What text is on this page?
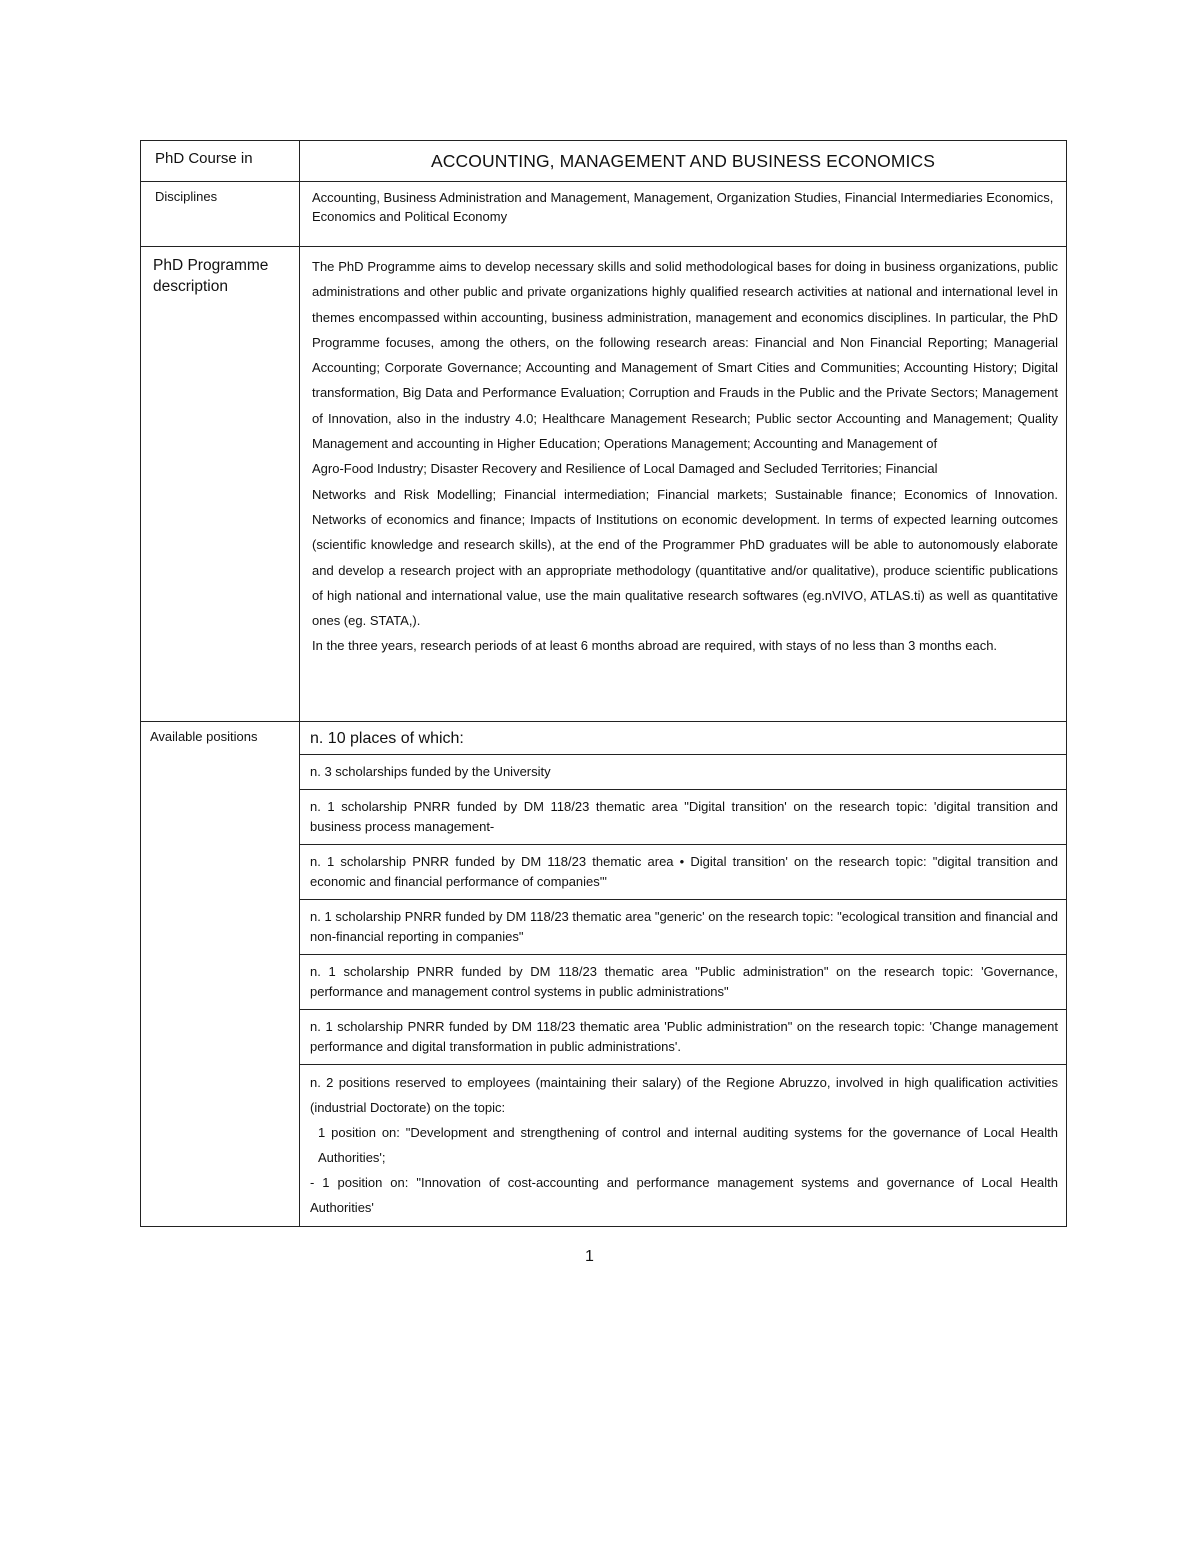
PhD Course in	ACCOUNTING, MANAGEMENT AND BUSINESS ECONOMICS

Disciplines	Accounting, Business Administration and Management, Management, Organization Studies, Financial Intermediaries Economics, Economics and Political Economy

PhD Programme description	The PhD Programme aims to develop necessary skills and solid methodological bases for doing in business organizations, public administrations and other public and private organizations highly qualified research activities at national and international level in themes encompassed within accounting, business administration, management and economics disciplines. In particular, the PhD Programme focuses, among the others, on the following research areas: Financial and Non Financial Reporting; Managerial Accounting; Corporate Governance; Accounting and Management of Smart Cities and Communities; Accounting History; Digital transformation, Big Data and Performance Evaluation; Corruption and Frauds in the Public and the Private Sectors; Management of Innovation, also in the industry 4.0; Healthcare Management Research; Public sector Accounting and Management; Quality Management and accounting in Higher Education; Operations Management; Accounting and Management of

Agro-Food Industry; Disaster Recovery and Resilience of Local Damaged and Secluded Territories; Financial

Networks and Risk Modelling; Financial intermediation; Financial markets; Sustainable finance; Economics of Innovation. Networks of economics and finance; Impacts of Institutions on economic development. In terms of expected learning outcomes (scientific knowledge and research skills), at the end of the Programmer PhD graduates will be able to autonomously elaborate and develop a research project with an appropriate methodology (quantitative and/or qualitative), produce scientific publications of high national and international value, use the main qualitative research softwares (eg.nVIVO, ATLAS.ti) as well as quantitative ones (eg. STATA,).

In the three years, research periods of at least 6 months abroad are required, with stays of no less than 3 months each.

Available positions	n. 10 places of which:

	n. 3 scholarships funded by the University

	n. 1 scholarship PNRR funded by DM 118/23 thematic area "Digital transition' on the research topic: 'digital transition and business process management-

	n. 1 scholarship PNRR funded by DM 118/23 thematic area • Digital transition' on the research topic: "digital transition and economic and financial performance of companies'"

	n. 1 scholarship PNRR funded by DM 118/23 thematic area "generic' on the research topic: "ecological transition and financial and non-financial reporting in companies"

	n. 1 scholarship PNRR funded by DM 118/23 thematic area "Public administration" on the research topic: 'Governance, performance and management control systems in public administrations"

	n. 1 scholarship PNRR funded by DM 118/23 thematic area 'Public administration" on the research topic: 'Change management performance and digital transformation in public administrations'.

	n. 2 positions reserved to employees (maintaining their salary) of the Regione Abruzzo, involved in high qualification activities (industrial Doctorate) on the topic:

1 position on: "Development and strengthening of control and internal auditing systems for the governance of Local Health Authorities';

- 1 position on: "Innovation of cost-accounting and performance management systems and governance of Local Health Authorities'

1
